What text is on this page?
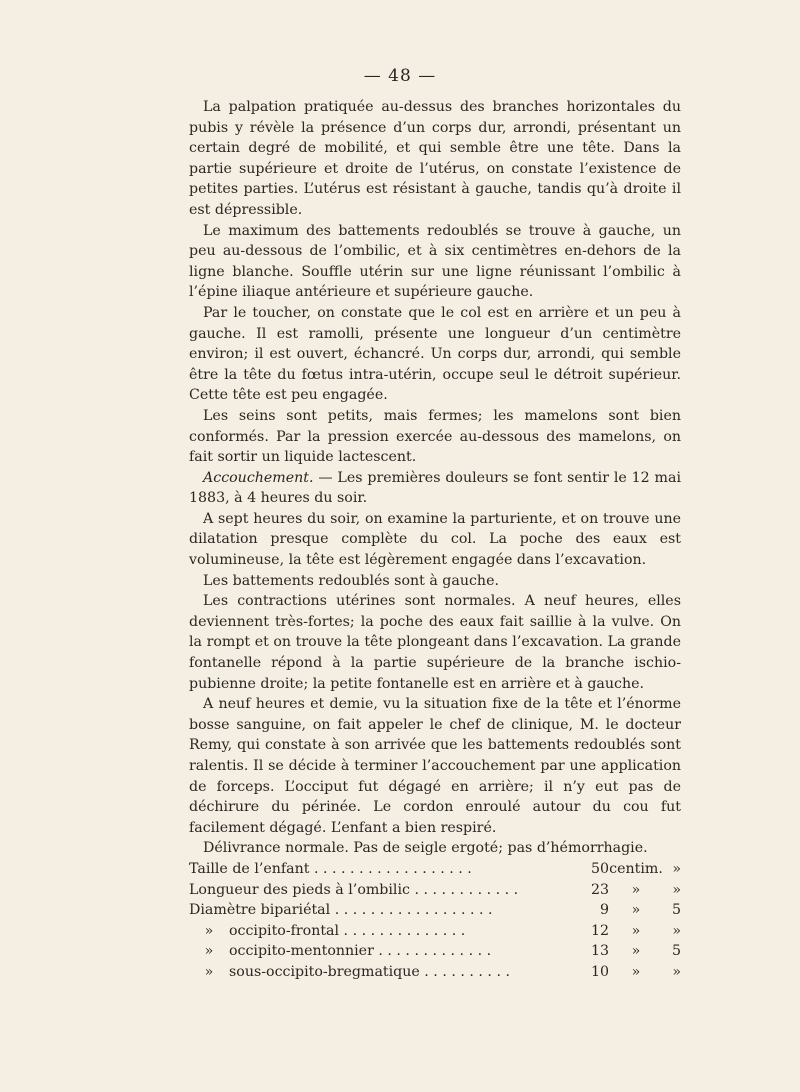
— 48 —

La palpation pratiquée au-dessus des branches horizontales du pubis y révèle la présence d’un corps dur, arrondi, présentant un certain degré de mobilité, et qui semble être une tête. Dans la partie supérieure et droite de l’utérus, on constate l’existence de petites parties. L’utérus est résistant à gauche, tandis qu’à droite il est dépressible.

Le maximum des battements redoublés se trouve à gauche, un peu au-dessous de l’ombilic, et à six centimètres en-dehors de la ligne blanche. Souffle utérin sur une ligne réunissant l’ombilic à l’épine iliaque antérieure et supérieure gauche.

Par le toucher, on constate que le col est en arrière et un peu à gauche. Il est ramolli, présente une longueur d’un centimètre environ; il est ouvert, échancré. Un corps dur, arrondi, qui semble être la tête du fœtus intra-utérin, occupe seul le détroit supérieur. Cette tête est peu engagée.

Les seins sont petits, mais fermes; les mamelons sont bien conformés. Par la pression exercée au-dessous des mamelons, on fait sortir un liquide lactescent.

Accouchement. — Les premières douleurs se font sentir le 12 mai 1883, à 4 heures du soir.

A sept heures du soir, on examine la parturiente, et on trouve une dilatation presque complète du col. La poche des eaux est volumineuse, la tête est légèrement engagée dans l’excavation.

Les battements redoublés sont à gauche.

Les contractions utérines sont normales. A neuf heures, elles deviennent très-fortes; la poche des eaux fait saillie à la vulve. On la rompt et on trouve la tête plongeant dans l’excavation. La grande fontanelle répond à la partie supérieure de la branche ischio-pubienne droite; la petite fontanelle est en arrière et à gauche.

A neuf heures et demie, vu la situation fixe de la tête et l’énorme bosse sanguine, on fait appeler le chef de clinique, M. le docteur Remy, qui constate à son arrivée que les battements redoublés sont ralentis. Il se décide à terminer l’accouchement par une application de forceps. L’occiput fut dégagé en arrière; il n’y eut pas de déchirure du périnée. Le cordon enroulé autour du cou fut facilement dégagé. L’enfant a bien respiré.

Délivrance normale. Pas de seigle ergoté; pas d’hémorrhagie.

Taille de l’enfant . . . . . . . . . . . . . . . . . .	50	centim.	»
Longueur des pieds à l’ombilic . . . . . . . . . . . .	23	»	»
Diamètre bipariétal . . . . . . . . . . . . . . . . . .	9	»	5
» occipito-frontal . . . . . . . . . . . . . .	12	»	»
» occipito-mentonnier . . . . . . . . . . . . .	13	»	5
» sous-occipito-bregmatique . . . . . . . . . .	10	»	»
